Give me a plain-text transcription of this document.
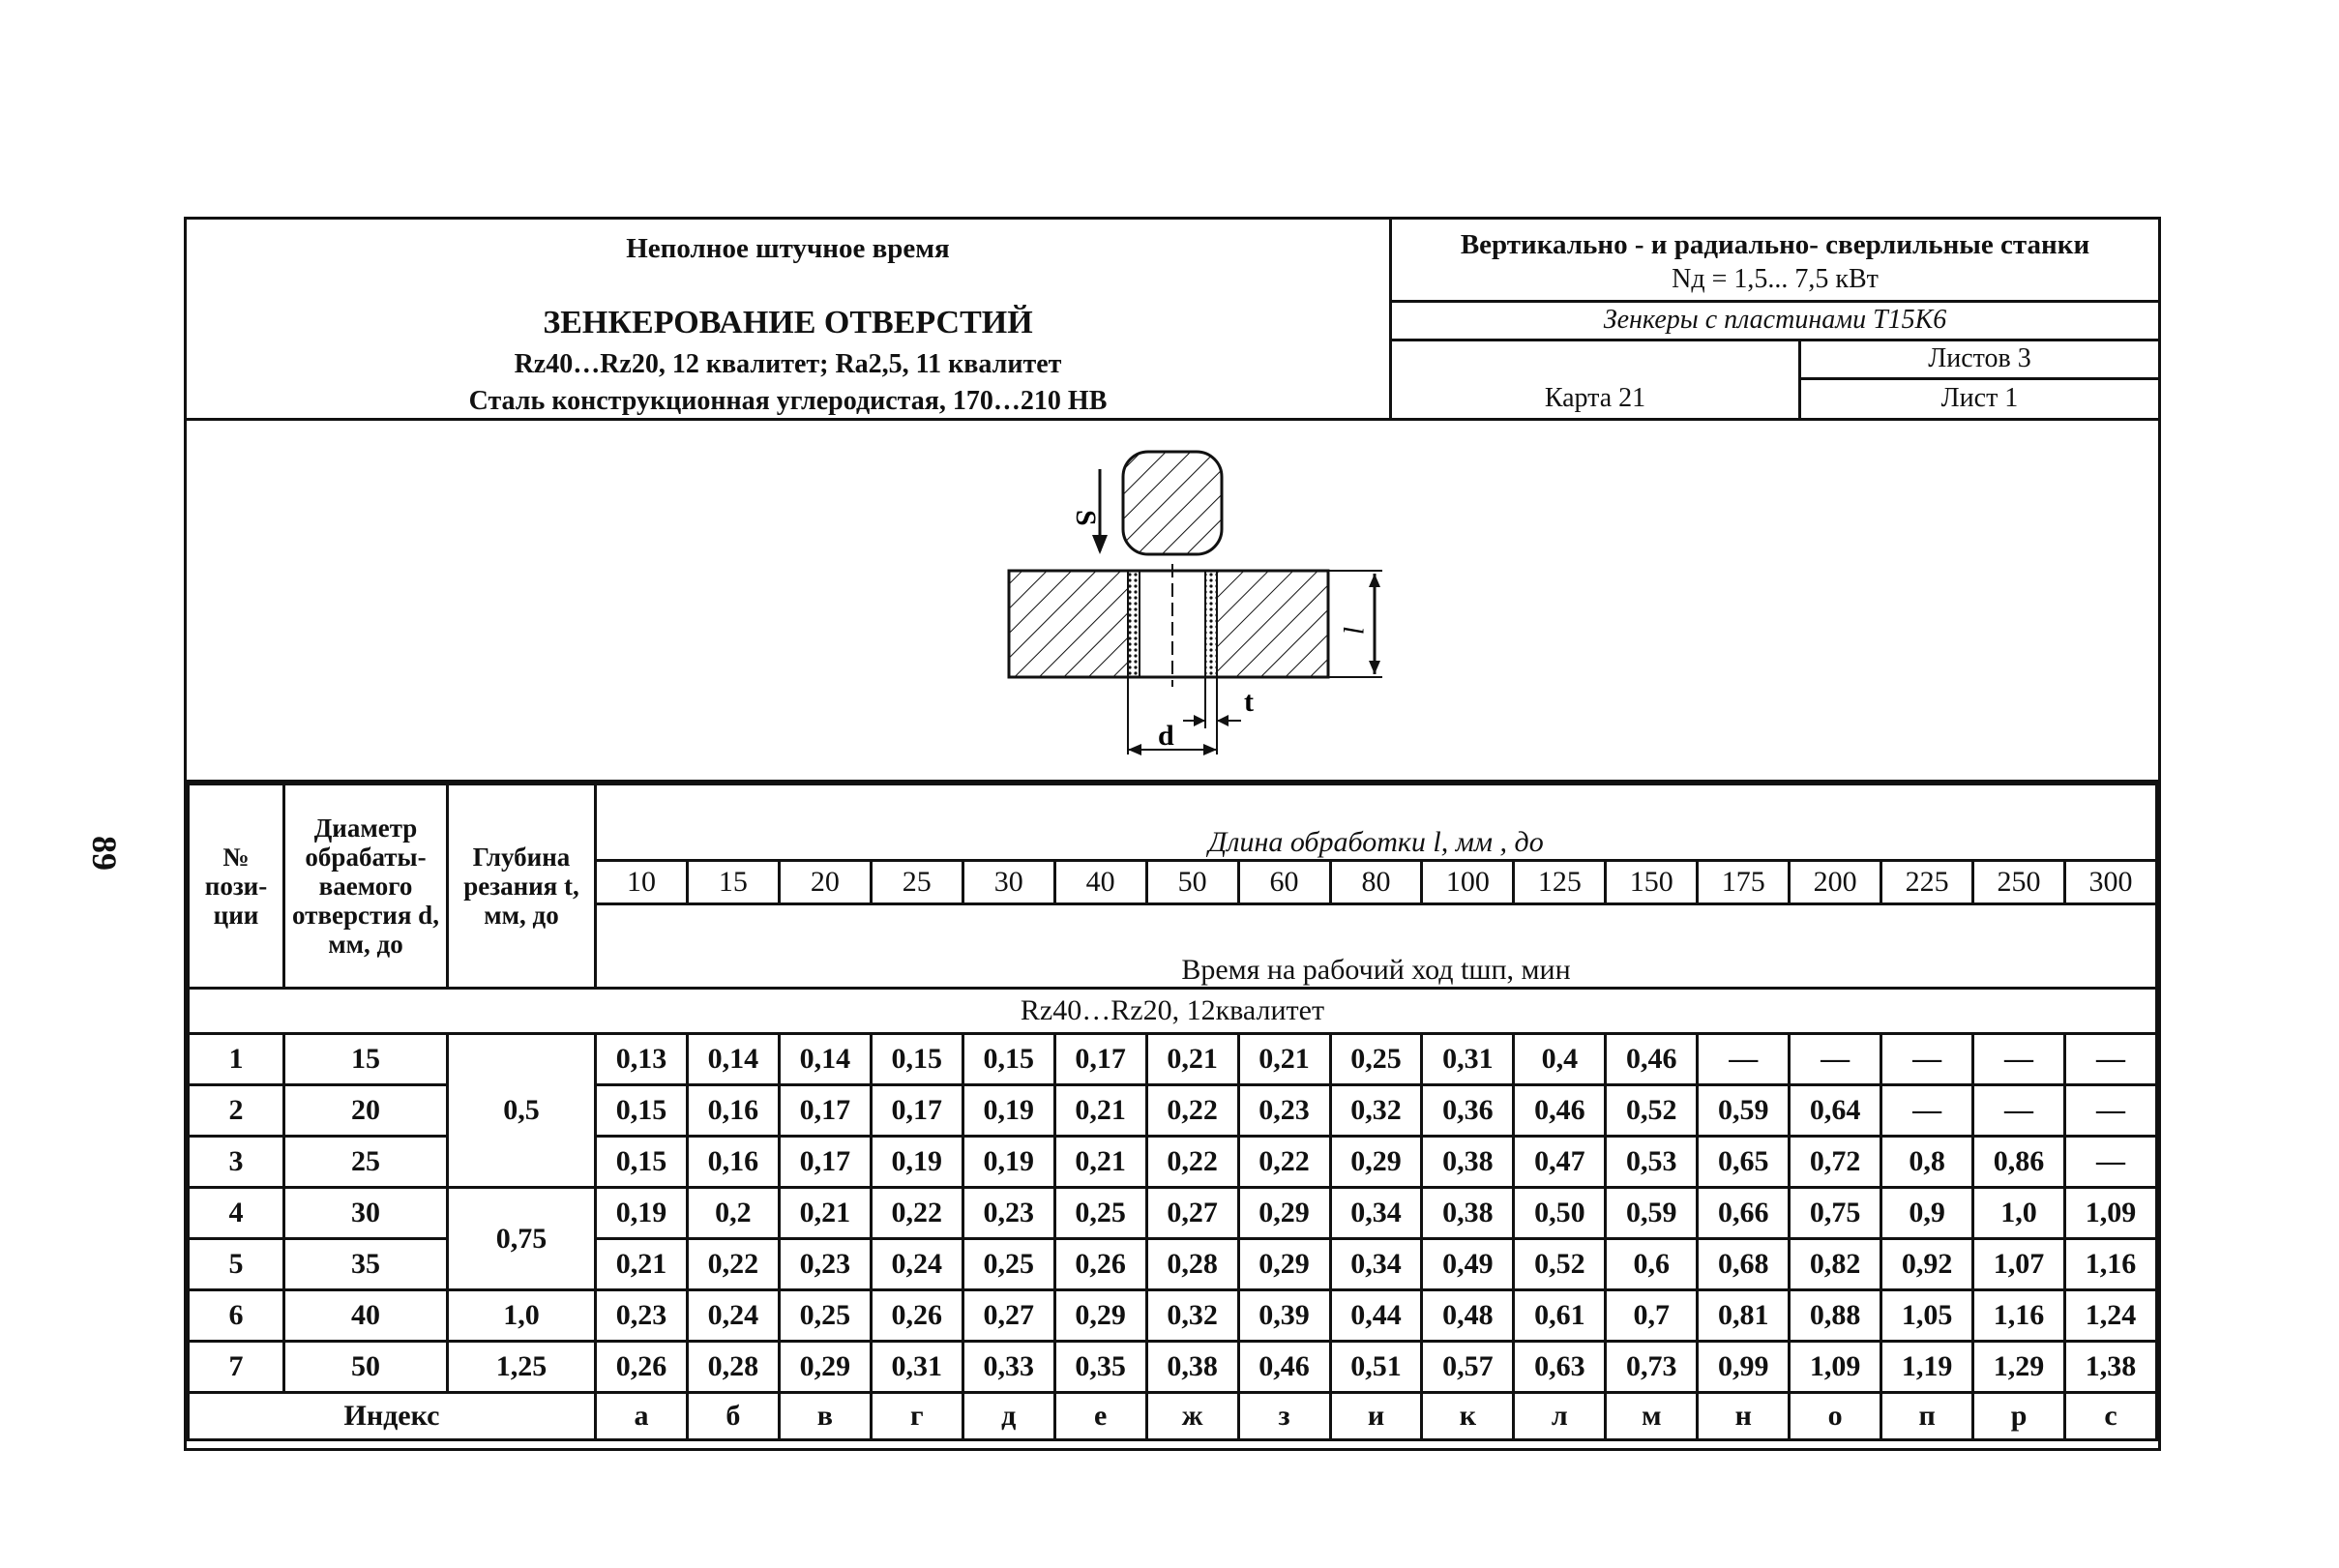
89
Неполное штучное время
ЗЕНКЕРОВАНИЕ ОТВЕРСТИЙ
Rz40…Rz20, 12 квалитет; Ra2,5, 11 квалитет
Сталь конструкционная углеродистая, 170…210 HB
Вертикально - и радиально- сверлильные станки
Nд = 1,5... 7,5 кВт
Зенкеры с пластинами Т15К6
Листов 3
Карта 21	Лист 1
S
l
d
t
№ пози-ции	Диаметр обрабаты-ваемого отверстия d, мм, до	Глубина резания t, мм, до	Длина обработки l, мм , до																
			10	15	20	25	30	40	50	60	80	100	125	150	175	200	225	250	300
			Время на рабочий ход tшп, мин																
Rz40…Rz20, 12квалитет																			
1	15	0,5	0,13	0,14	0,14	0,15	0,15	0,17	0,21	0,21	0,25	0,31	0,4	0,46	—	—	—	—	—
2	20		0,15	0,16	0,17	0,17	0,19	0,21	0,22	0,23	0,32	0,36	0,46	0,52	0,59	0,64	—	—	—
3	25		0,15	0,16	0,17	0,19	0,19	0,21	0,22	0,22	0,29	0,38	0,47	0,53	0,65	0,72	0,8	0,86	—
4	30	0,75	0,19	0,2	0,21	0,22	0,23	0,25	0,27	0,29	0,34	0,38	0,50	0,59	0,66	0,75	0,9	1,0	1,09
5	35		0,21	0,22	0,23	0,24	0,25	0,26	0,28	0,29	0,34	0,49	0,52	0,6	0,68	0,82	0,92	1,07	1,16
6	40	1,0	0,23	0,24	0,25	0,26	0,27	0,29	0,32	0,39	0,44	0,48	0,61	0,7	0,81	0,88	1,05	1,16	1,24
7	50	1,25	0,26	0,28	0,29	0,31	0,33	0,35	0,38	0,46	0,51	0,57	0,63	0,73	0,99	1,09	1,19	1,29	1,38
Индекс			а	б	в	г	д	е	ж	з	и	к	л	м	н	о	п	р	с
